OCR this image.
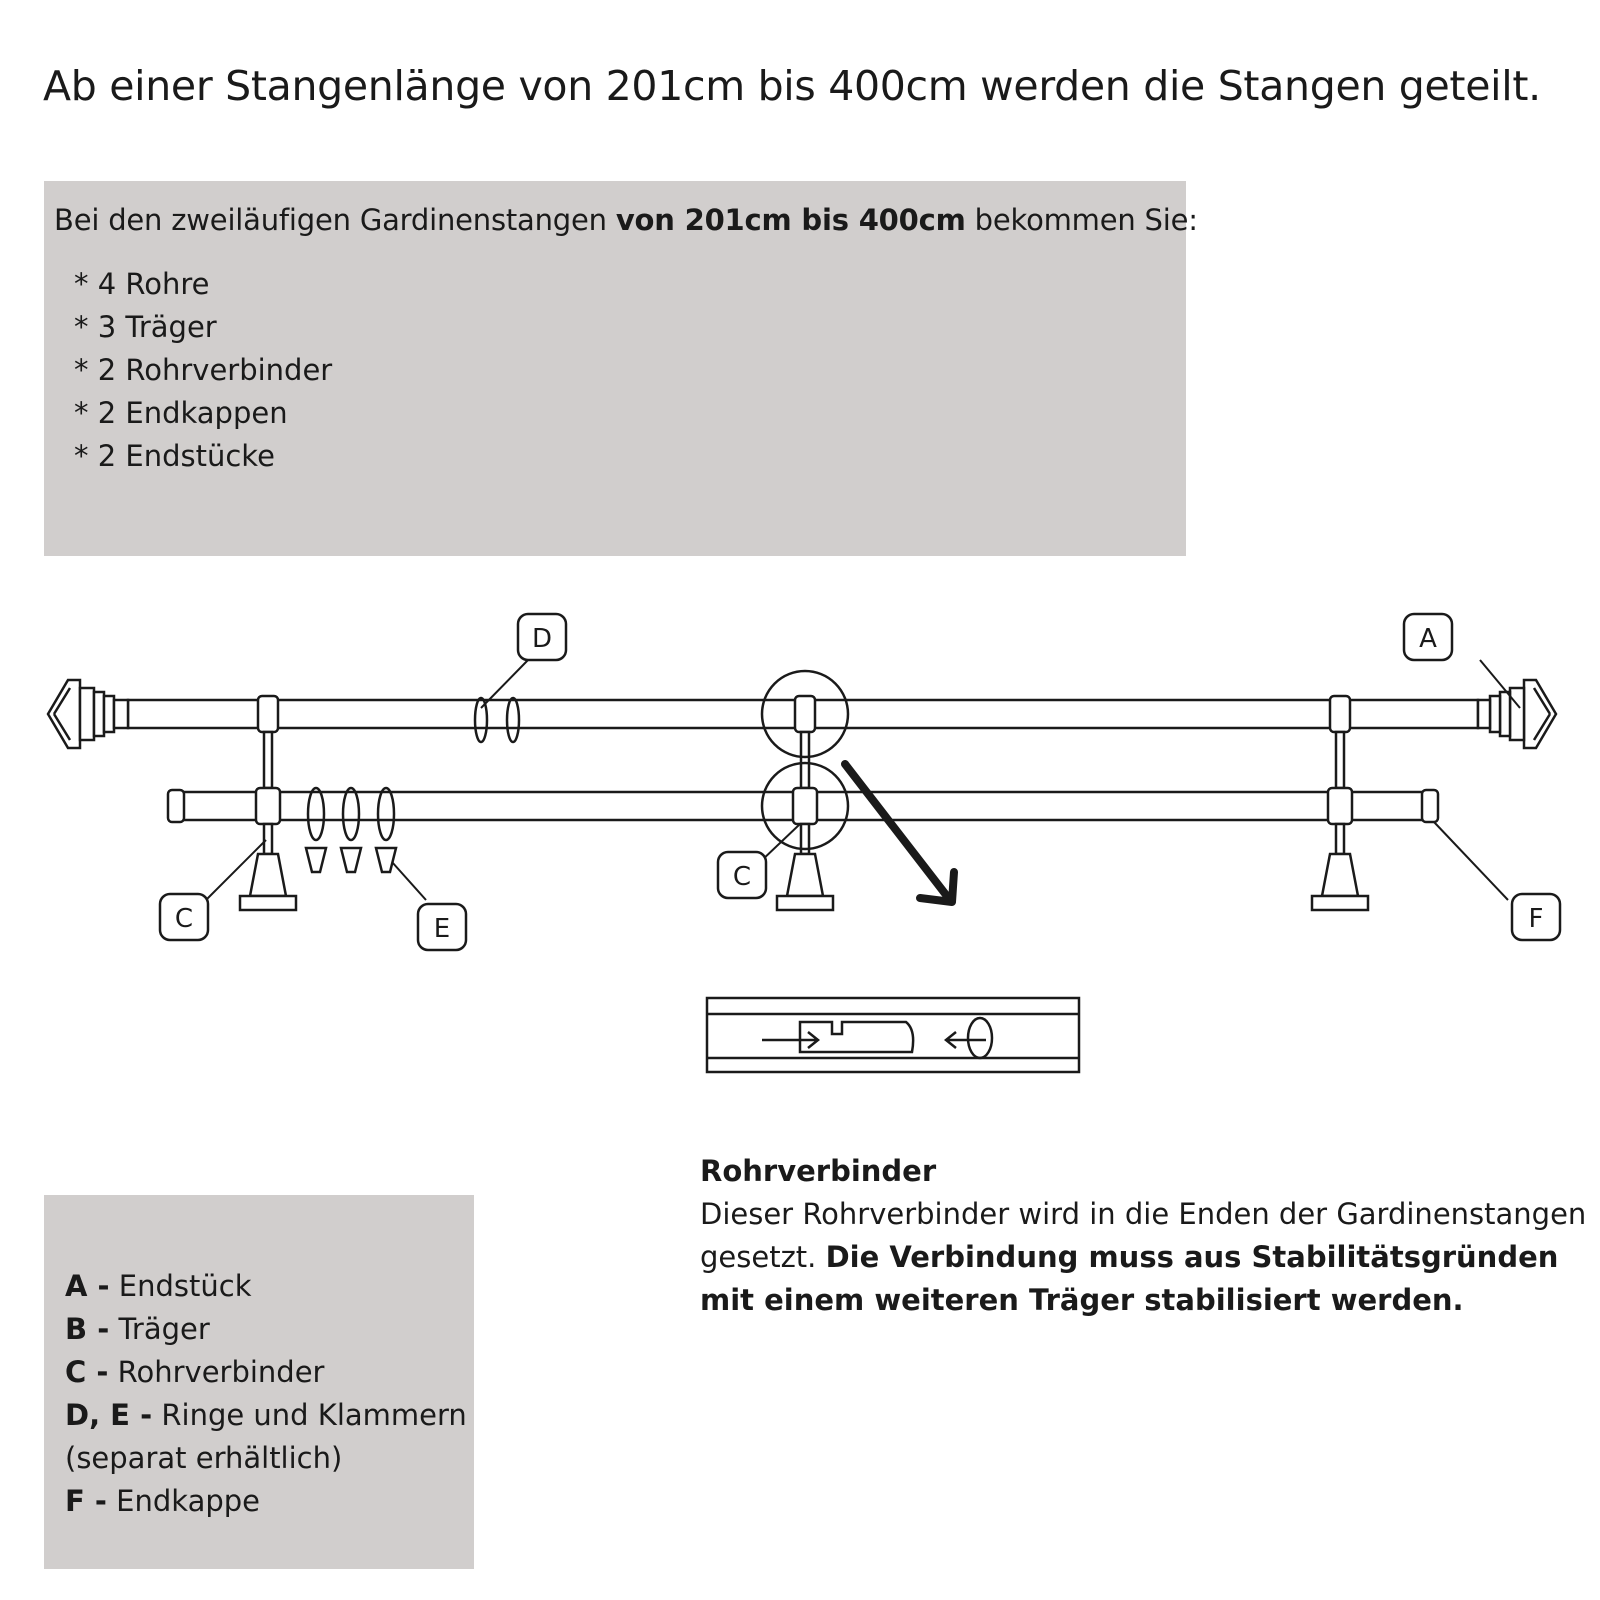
Ab einer Stangenlänge von 201cm bis 400cm werden die Stangen geteilt.

Bei den zweiläufigen Gardinenstangen von 201cm bis 400cm bekommen Sie:

* 4 Rohre
* 3 Träger
* 2 Rohrverbinder
* 2 Endkappen
* 2 Endstücke
D	A
C
C
E	F
Rohrverbinder
Dieser Rohrverbinder wird in die Enden der Gardinenstangen gesetzt. Die Verbindung muss aus Stabilitätsgründen mit einem weiteren Träger stabilisiert werden.
A - Endstück
B - Träger
C - Rohrverbinder
D, E - Ringe und Klammern
(separat erhältlich)
F - Endkappe
